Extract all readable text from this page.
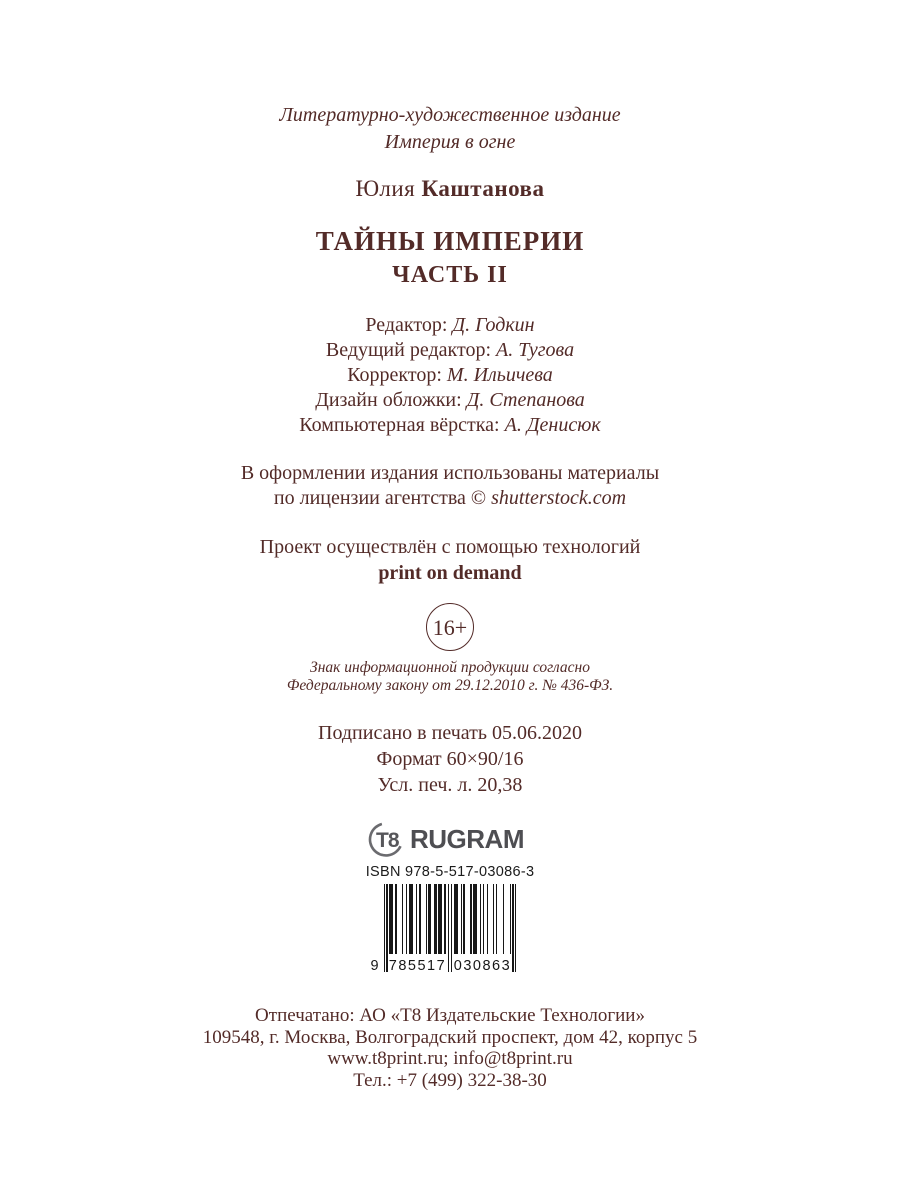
Литературно-художественное издание
Империя в огне
Юлия Каштанова
ТАЙНЫ ИМПЕРИИ
ЧАСТЬ II
Редактор: Д. Годкин
Ведущий редактор: А. Тугова
Корректор: М. Ильичева
Дизайн обложки: Д. Степанова
Компьютерная вёрстка: А. Денисюк
В оформлении издания использованы материалы
по лицензии агентства © shutterstock.com
Проект осуществлён с помощью технологий
print on demand
16+
Знак информационной продукции согласно
Федеральному закону от 29.12.2010 г. № 436-ФЗ.
Подписано в печать 05.06.2020
Формат 60×90/16
Усл. печ. л. 20,38
Т8 RUGRAM
ISBN 978-5-517-03086-3
9 785517 030863
Отпечатано: АО «Т8 Издательские Технологии»
109548, г. Москва, Волгоградский проспект, дом 42, корпус 5
www.t8print.ru; info@t8print.ru
Тел.: +7 (499) 322-38-30
